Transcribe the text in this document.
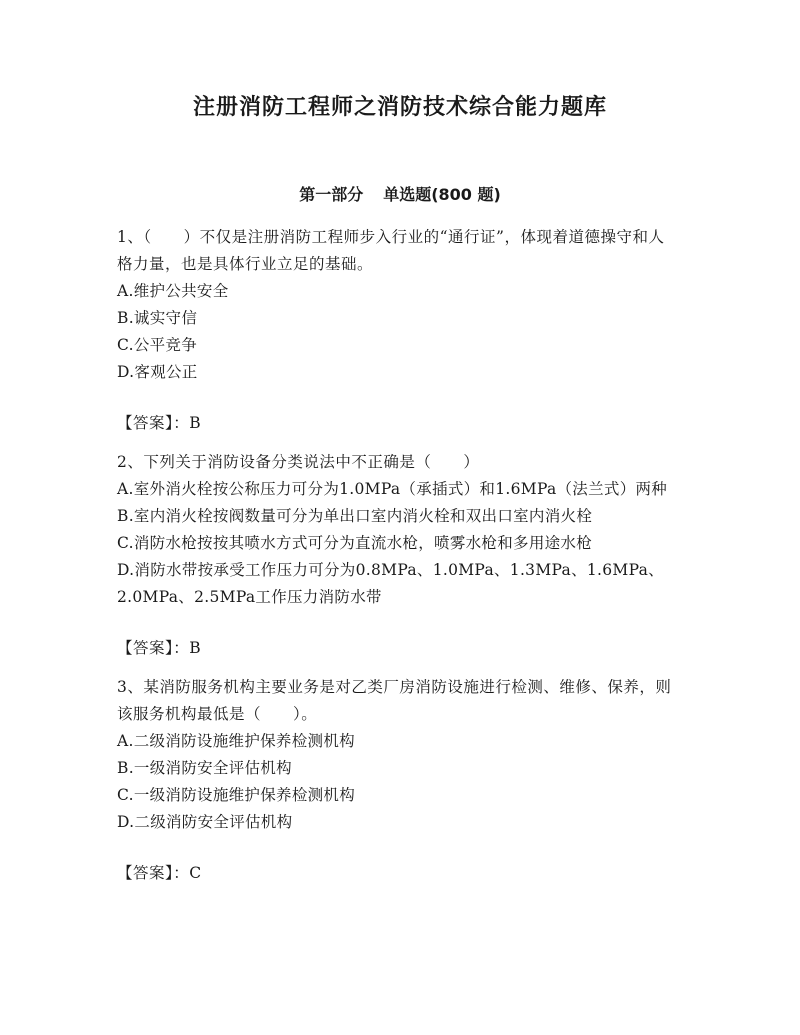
注册消防工程师之消防技术综合能力题库
第一部分 单选题(800 题)

1、（　　）不仅是注册消防工程师步入行业的“通行证”，体现着道德操守和人格力量，也是具体行业立足的基础。

A.维护公共安全
B.诚实守信
C.公平竞争
D.客观公正

【答案】：B

2、下列关于消防设备分类说法中不正确是（　　）

A.室外消火栓按公称压力可分为1.0MPa（承插式）和1.6MPa（法兰式）两种
B.室内消火栓按阀数量可分为单出口室内消火栓和双出口室内消火栓
C.消防水枪按按其喷水方式可分为直流水枪，喷雾水枪和多用途水枪
D.消防水带按承受工作压力可分为0.8MPa、1.0MPa、1.3MPa、1.6MPa、2.0MPa、2.5MPa工作压力消防水带

【答案】：B

3、某消防服务机构主要业务是对乙类厂房消防设施进行检测、维修、保养，则该服务机构最低是（　　）。

A.二级消防设施维护保养检测机构
B.一级消防安全评估机构
C.一级消防设施维护保养检测机构
D.二级消防安全评估机构

【答案】：C
